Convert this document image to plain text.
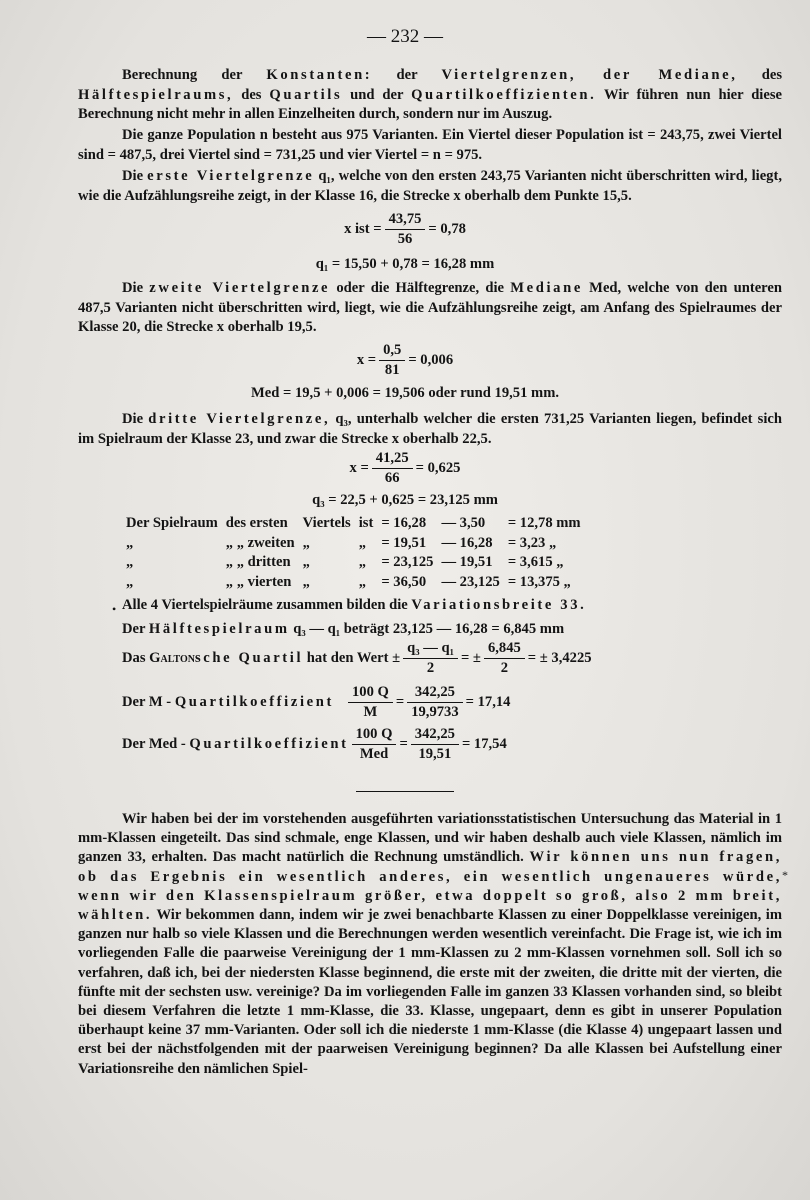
— 232 —

Berechnung der Konstanten: der Viertelgrenzen, der Mediane, des Hälftespielraums, des Quartils und der Quartilkoeffizienten. Wir führen nun hier diese Berechnung nicht mehr in allen Einzelheiten durch, sondern nur im Auszug.

Die ganze Population n besteht aus 975 Varianten. Ein Viertel dieser Population ist = 243,75, zwei Viertel sind = 487,5, drei Viertel sind = 731,25 und vier Viertel = n = 975.

Die erste Viertelgrenze q₁, welche von den ersten 243,75 Varianten nicht überschritten wird, liegt, wie die Aufzählungsreihe zeigt, in der Klasse 16, die Strecke x oberhalb dem Punkte 15,5.

x ist = $\frac{43,75}{56} = 0,78$
q₁ = 15,50 + 0,78 = 16,28 mm

Die zweite Viertelgrenze oder die Hälftegrenze, die Mediane Med, welche von den unteren 487,5 Varianten nicht überschritten wird, liegt, wie die Aufzählungsreihe zeigt, am Anfang des Spielraumes der Klasse 20, die Strecke x oberhalb 19,5.

$x = \frac{0,5}{81} = 0,006$
Med = 19,5 + 0,006 = 19,506 oder rund 19,51 mm.

Die dritte Viertelgrenze, q₃, unterhalb welcher die ersten 731,25 Varianten liegen, befindet sich im Spielraum der Klasse 23, und zwar die Strecke x oberhalb 22,5.

$x = \frac{41,25}{66} = 0,625$
q₃ = 22,5 + 0,625 = 23,125 mm
Der Spielraum	des ersten	Viertels	ist	= 16,28	— 3,50	= 12,78 mm
„	„ „ zweiten	„	„	= 19,51	— 16,28	= 3,23 „
„	„ „ dritten	„	„	= 23,125	— 19,51	= 3,615 „
„	„ „ vierten	„	„	= 36,50	— 23,125	= 13,375 „
• Alle 4 Viertelspielräume zusammen bilden die Variationsbreite 33.
Der Hälftespielraum q₃ — q₁ beträgt 23,125 — 16,28 = 6,845 mm
Das Galtonsche Quartil hat den Wert ± $\frac{\text{q₃ — q₁}}{2}$ = ± $\frac{6,845}{2}$ = ± 3,4225
Der M - Quartilkoeffizient $\frac{100 Q}{M} = \frac{342,25}{19,9733} = 17,14$
Der Med - Quartilkoeffizient $\frac{100 Q}{\text{Med}} = \frac{342,25}{19,51} = 17,54$

Wir haben bei der im vorstehenden ausgeführten variationsstatistischen Untersuchung das Material in 1 mm-Klassen eingeteilt. Das sind schmale, enge Klassen, und wir haben deshalb auch viele Klassen, nämlich im ganzen 33, erhalten. Das macht natürlich die Rechnung umständlich. Wir können uns nun fragen, ob das Ergebnis ein wesentlich anderes, ein wesentlich ungenaueres würde, wenn wir den Klassenspielraum größer, etwa doppelt so groß, also 2 mm breit, wählten. Wir bekommen dann, indem wir je zwei benachbarte Klassen zu einer Doppelklasse vereinigen, im ganzen nur halb so viele Klassen und die Berechnungen werden wesentlich vereinfacht. Die Frage ist, wie ich im vorliegenden Falle die paarweise Vereinigung der 1 mm-Klassen zu 2 mm-Klassen vornehmen soll. Soll ich so verfahren, daß ich, bei der niedersten Klasse beginnend, die erste mit der zweiten, die dritte mit der vierten, die fünfte mit der sechsten usw. vereinige? Da im vorliegenden Falle im ganzen 33 Klassen vorhanden sind, so bleibt bei diesem Verfahren die letzte 1 mm-Klasse, die 33. Klasse, ungepaart, denn es gibt in unserer Population überhaupt keine 37 mm-Varianten. Oder soll ich die niederste 1 mm-Klasse (die Klasse 4) ungepaart lassen und erst bei der nächstfolgenden mit der paarweisen Vereinigung beginnen? Da alle Klassen bei Aufstellung einer Variationsreihe den nämlichen Spiel-

*
